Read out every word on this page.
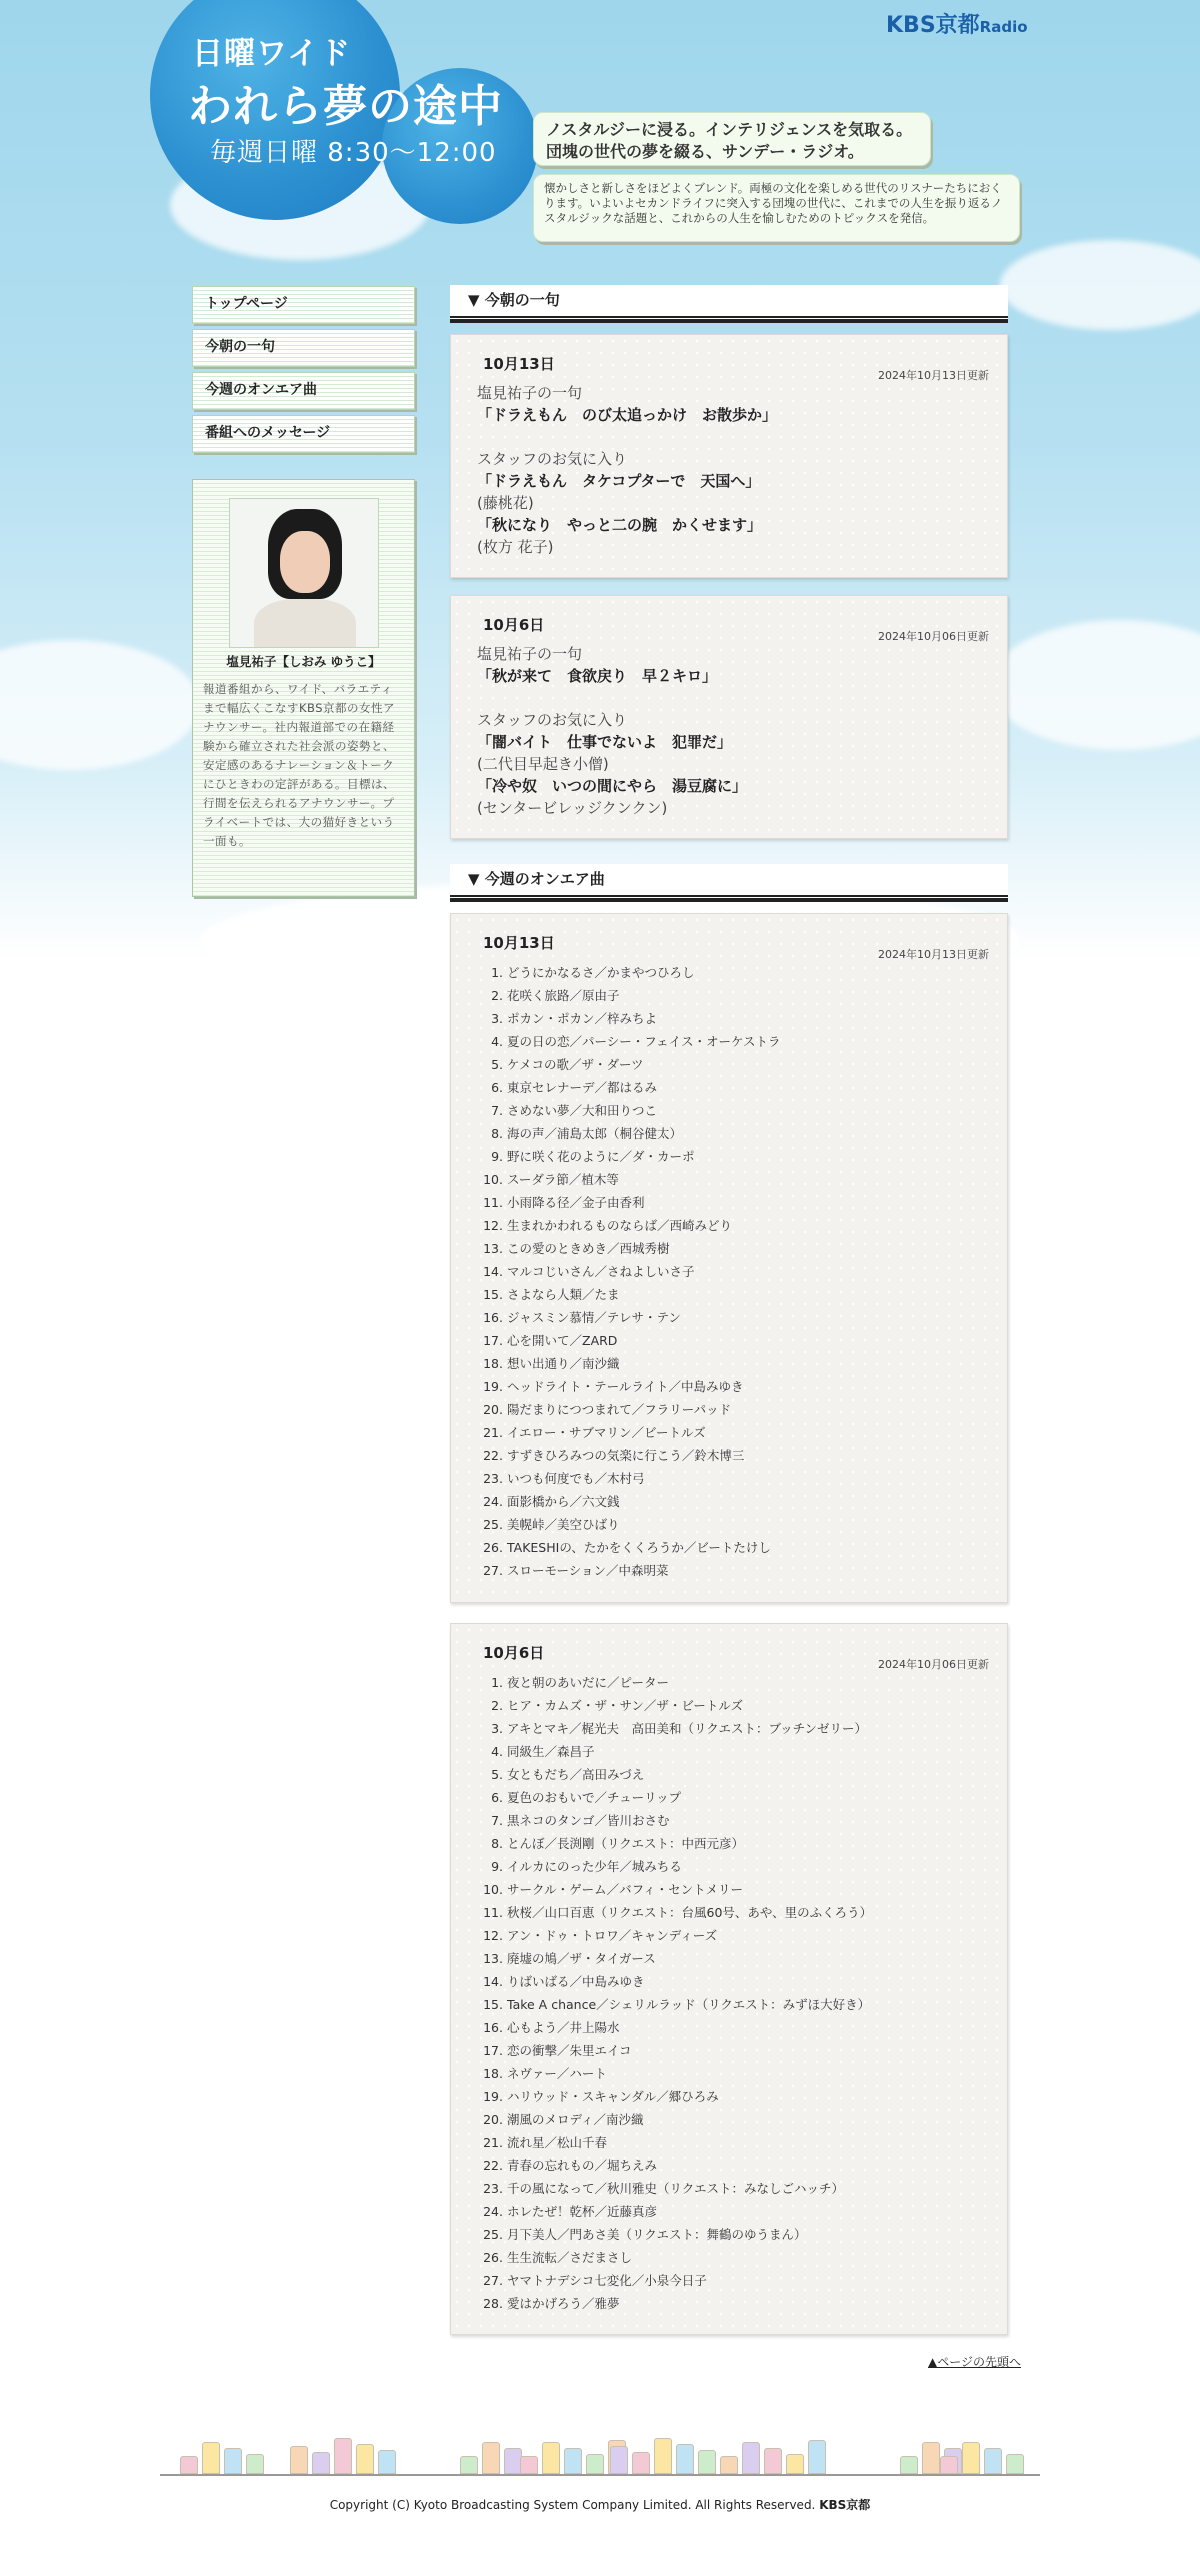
日曜ワイド
われら夢の途中
毎週日曜 8:30～12:00
KBS京都Radio
ノスタルジーに浸る。インテリジェンスを気取る。
団塊の世代の夢を綴る、サンデー・ラジオ。
懐かしさと新しさをほどよくブレンド。両極の文化を楽しめる世代のリスナーたちにおくります。いよいよセカンドライフに突入する団塊の世代に、これまでの人生を振り返るノスタルジックな話題と、これからの人生を愉しむためのトピックスを発信。
トップページ
今朝の一句
今週のオンエア曲
番組へのメッセージ
塩見祐子【しおみ ゆうこ】
報道番組から、ワイド、バラエティまで幅広くこなすKBS京都の女性アナウンサー。社内報道部での在籍経験から確立された社会派の姿勢と、安定感のあるナレーション＆トークにひときわの定評がある。目標は、行間を伝えられるアナウンサー。プライベートでは、大の猫好きという一面も。
▼ 今朝の一句
10月13日
2024年10月13日更新
塩見祐子の一句
「ドラえもん　のび太追っかけ　お散歩か」
スタッフのお気に入り
「ドラえもん　タケコプターで　天国へ」
(藤桃花)
「秋になり　やっと二の腕　かくせます」
(枚方 花子)
10月6日
2024年10月06日更新
塩見祐子の一句
「秋が来て　食欲戻り　早２キロ」
スタッフのお気に入り
「闇バイト　仕事でないよ　犯罪だ」
(二代目早起き小僧)
「冷や奴　いつの間にやら　湯豆腐に」
(センタービレッジクンクン)
▼ 今週のオンエア曲
10月13日
2024年10月13日更新
1. どうにかなるさ／かまやつひろし
2. 花咲く旅路／原由子
3. ポカン・ポカン／梓みちよ
4. 夏の日の恋／パーシー・フェイス・オーケストラ
5. ケメコの歌／ザ・ダーツ
6. 東京セレナーデ／都はるみ
7. さめない夢／大和田りつこ
8. 海の声／浦島太郎（桐谷健太）
9. 野に咲く花のように／ダ・カーポ
10. スーダラ節／植木等
11. 小雨降る径／金子由香利
12. 生まれかわれるものならば／西崎みどり
13. この愛のときめき／西城秀樹
14. マルコじいさん／さねよしいさ子
15. さよなら人類／たま
16. ジャスミン慕情／テレサ・テン
17. 心を開いて／ZARD
18. 想い出通り／南沙織
19. ヘッドライト・テールライト／中島みゆき
20. 陽だまりにつつまれて／フラリーパッド
21. イエロー・サブマリン／ビートルズ
22. すずきひろみつの気楽に行こう／鈴木博三
23. いつも何度でも／木村弓
24. 面影橋から／六文銭
25. 美幌峠／美空ひばり
26. TAKESHIの、たかをくくろうか／ビートたけし
27. スローモーション／中森明菜
10月6日
2024年10月06日更新
1. 夜と朝のあいだに／ピーター
2. ヒア・カムズ・ザ・サン／ザ・ビートルズ
3. アキとマキ／梶光夫　高田美和（リクエスト：ブッチンゼリー）
4. 同級生／森昌子
5. 女ともだち／高田みづえ
6. 夏色のおもいで／チューリップ
7. 黒ネコのタンゴ／皆川おさむ
8. とんぼ／長渕剛（リクエスト：中西元彦）
9. イルカにのった少年／城みちる
10. サークル・ゲーム／バフィ・セントメリー
11. 秋桜／山口百恵（リクエスト：台風60号、あや、里のふくろう）
12. アン・ドゥ・トロワ／キャンディーズ
13. 廃墟の鳩／ザ・タイガース
14. りばいばる／中島みゆき
15. Take A chance／シェリルラッド（リクエスト：みずほ大好き）
16. 心もよう／井上陽水
17. 恋の衝撃／朱里エイコ
18. ネヴァー／ハート
19. ハリウッド・スキャンダル／郷ひろみ
20. 潮風のメロディ／南沙織
21. 流れ星／松山千春
22. 青春の忘れもの／堀ちえみ
23. 千の風になって／秋川雅史（リクエスト：みなしごハッチ）
24. ホレたぜ！乾杯／近藤真彦
25. 月下美人／門あさ美（リクエスト：舞鶴のゆうまん）
26. 生生流転／さだまさし
27. ヤマトナデシコ七変化／小泉今日子
28. 愛はかげろう／雅夢
▲ページの先頭へ
Copyright (C) Kyoto Broadcasting System Company Limited. All Rights Reserved. KBS京都
